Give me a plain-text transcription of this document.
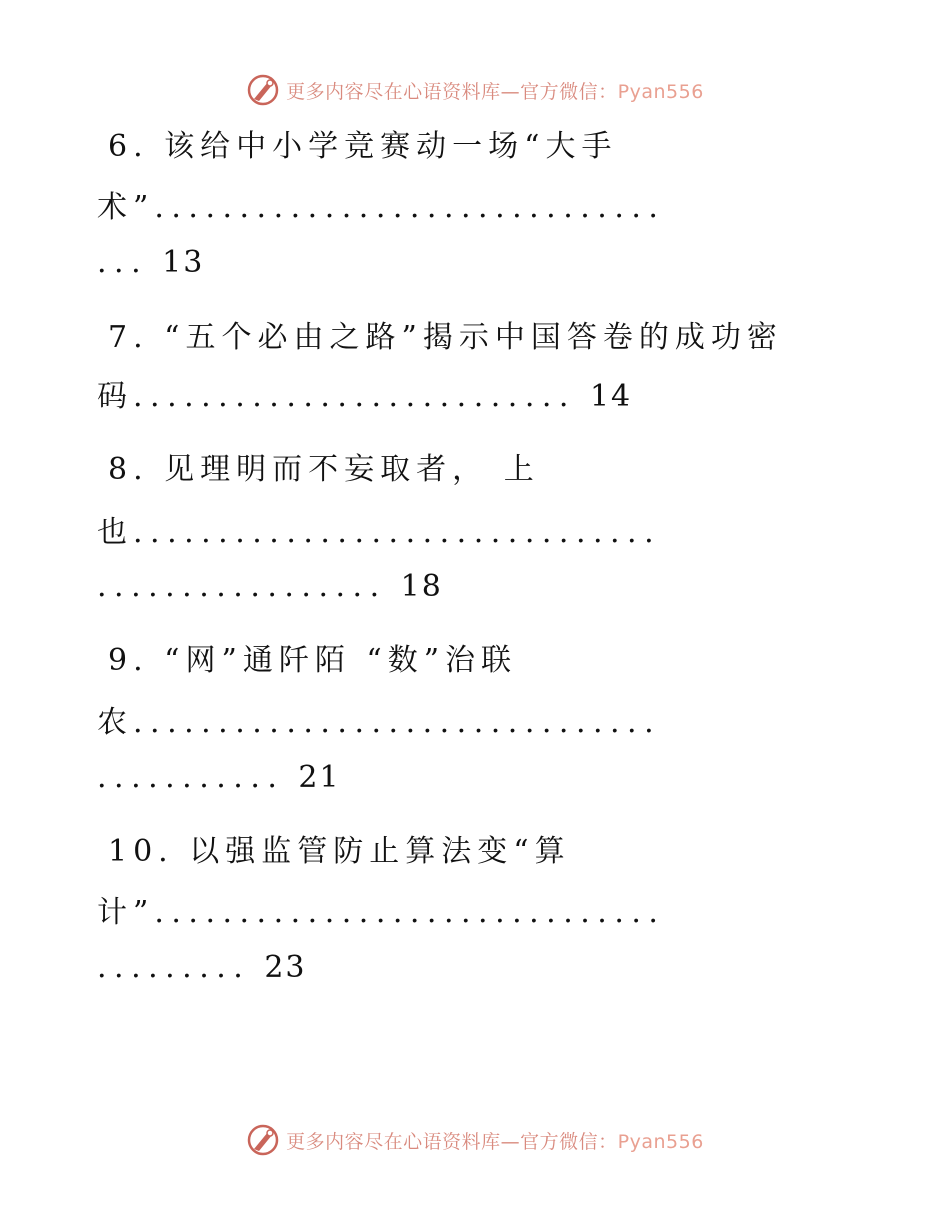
更多内容尽在心语资料库—官方微信：Pyan556
6. 该给中小学竞赛动一场“大手
术”..............................
... 13
7. “五个必由之路”揭示中国答卷的成功密
码.......................... 14
8. 见理明而不妄取者， 上
也...............................
................. 18
9. “网”通阡陌 “数”治联
农...............................
........... 21
10. 以强监管防止算法变“算
计”..............................
......... 23
更多内容尽在心语资料库—官方微信：Pyan556
